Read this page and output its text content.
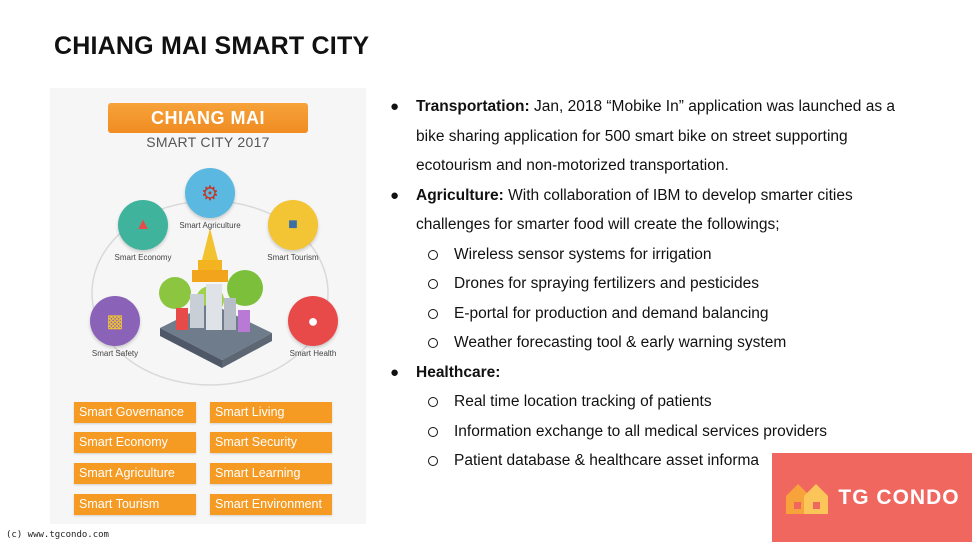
CHIANG MAI SMART CITY
CHIANG MAI
SMART CITY 2017
⚙
Smart Agriculture
▲
Smart Economy
■
Smart Tourism
▩
Smart Safety
●
Smart Health
Smart Governance	Smart Living
Smart Economy	Smart Security
Smart Agriculture	Smart Learning
Smart Tourism	Smart Environment
● Transportation: Jan, 2018 “Mobike In” application was launched as a
bike sharing application for 500 smart bike on street supporting
ecotourism and non-motorized transportation.
● Agriculture: With collaboration of IBM to develop smarter cities
challenges for smarter food will create the followings;
Wireless sensor systems for irrigation
Drones for spraying fertilizers and pesticides
E-portal for production and demand balancing
Weather forecasting tool & early warning system
● Healthcare:
Real time location tracking of patients
Information exchange to all medical services providers
Patient database & healthcare asset informa
TG CONDO
(c) www.tgcondo.com
